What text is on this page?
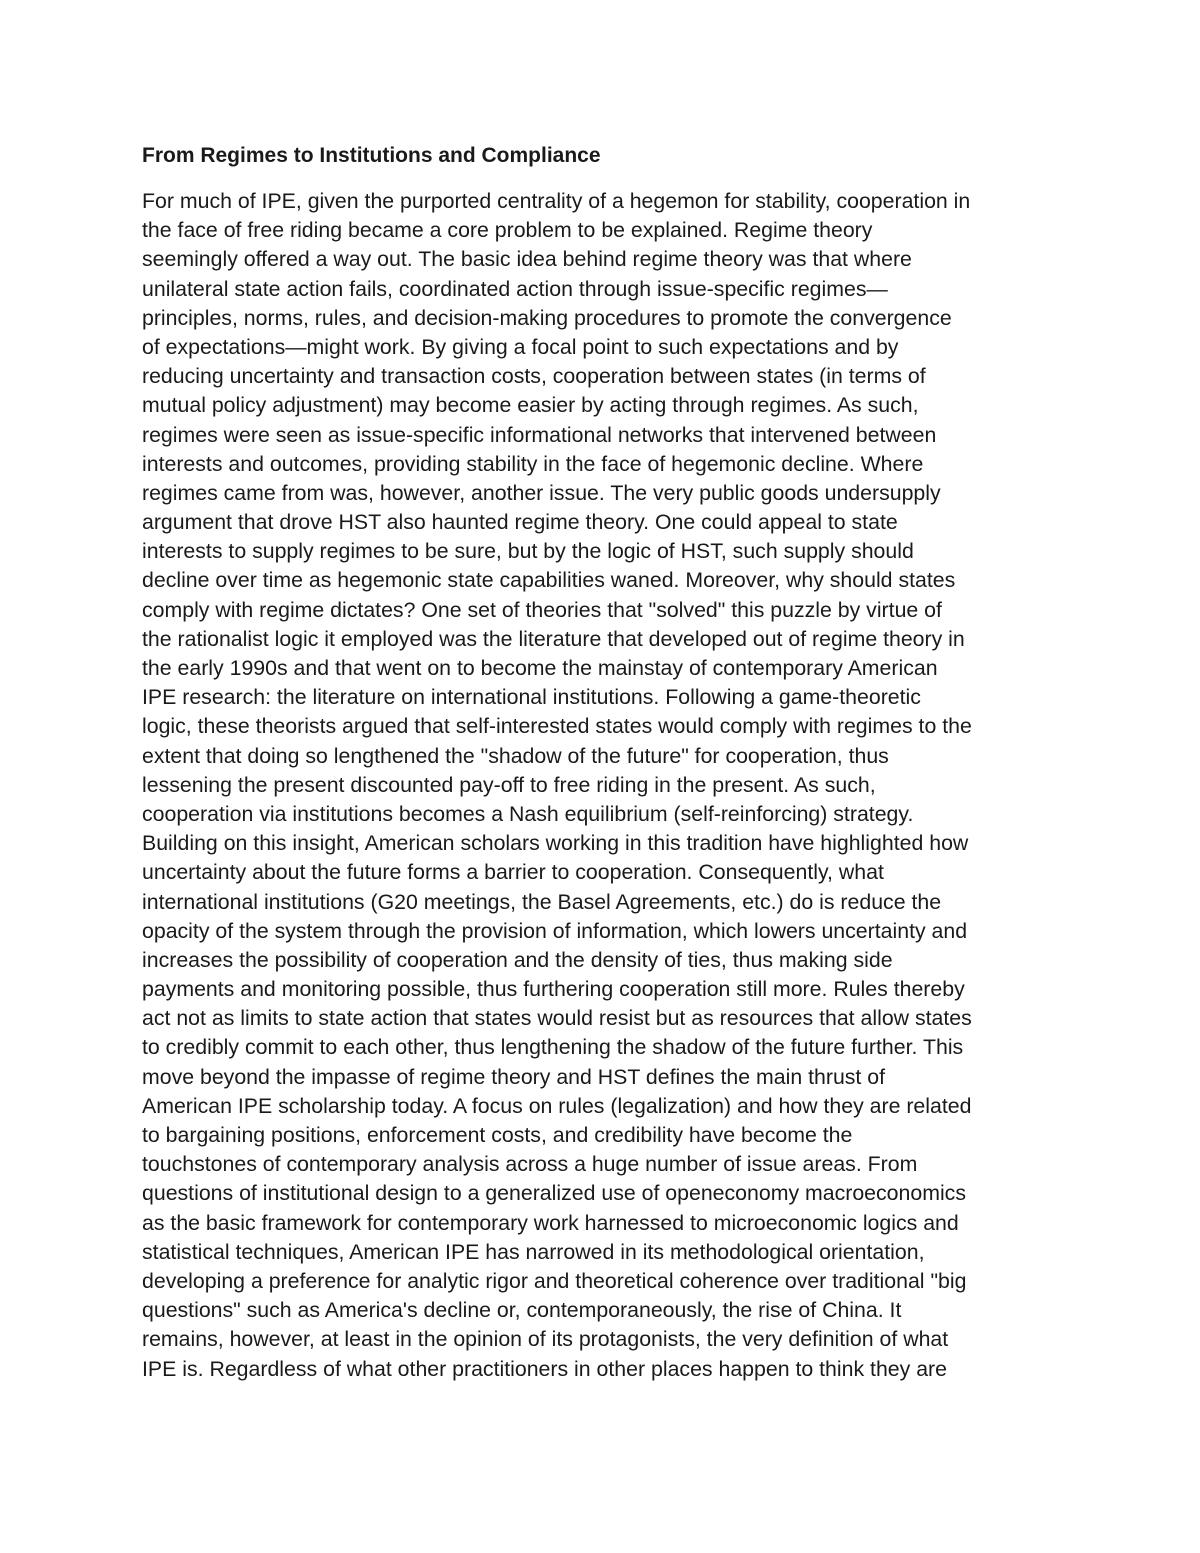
From Regimes to Institutions and Compliance
For much of IPE, given the purported centrality of a hegemon for stability, cooperation in
the face of free riding became a core problem to be explained. Regime theory
seemingly offered a way out. The basic idea behind regime theory was that where
unilateral state action fails, coordinated action through issue-specific regimes—
principles, norms, rules, and decision-making procedures to promote the convergence
of expectations—might work. By giving a focal point to such expectations and by
reducing uncertainty and transaction costs, cooperation between states (in terms of
mutual policy adjustment) may become easier by acting through regimes. As such,
regimes were seen as issue-specific informational networks that intervened between
interests and outcomes, providing stability in the face of hegemonic decline. Where
regimes came from was, however, another issue. The very public goods undersupply
argument that drove HST also haunted regime theory. One could appeal to state
interests to supply regimes to be sure, but by the logic of HST, such supply should
decline over time as hegemonic state capabilities waned. Moreover, why should states
comply with regime dictates? One set of theories that "solved" this puzzle by virtue of
the rationalist logic it employed was the literature that developed out of regime theory in
the early 1990s and that went on to become the mainstay of contemporary American
IPE research: the literature on international institutions. Following a game-theoretic
logic, these theorists argued that self-interested states would comply with regimes to the
extent that doing so lengthened the "shadow of the future" for cooperation, thus
lessening the present discounted pay-off to free riding in the present. As such,
cooperation via institutions becomes a Nash equilibrium (self-reinforcing) strategy.
Building on this insight, American scholars working in this tradition have highlighted how
uncertainty about the future forms a barrier to cooperation. Consequently, what
international institutions (G20 meetings, the Basel Agreements, etc.) do is reduce the
opacity of the system through the provision of information, which lowers uncertainty and
increases the possibility of cooperation and the density of ties, thus making side
payments and monitoring possible, thus furthering cooperation still more. Rules thereby
act not as limits to state action that states would resist but as resources that allow states
to credibly commit to each other, thus lengthening the shadow of the future further. This
move beyond the impasse of regime theory and HST defines the main thrust of
American IPE scholarship today. A focus on rules (legalization) and how they are related
to bargaining positions, enforcement costs, and credibility have become the
touchstones of contemporary analysis across a huge number of issue areas. From
questions of institutional design to a generalized use of openeconomy macroeconomics
as the basic framework for contemporary work harnessed to microeconomic logics and
statistical techniques, American IPE has narrowed in its methodological orientation,
developing a preference for analytic rigor and theoretical coherence over traditional "big
questions" such as America's decline or, contemporaneously, the rise of China. It
remains, however, at least in the opinion of its protagonists, the very definition of what
IPE is. Regardless of what other practitioners in other places happen to think they are
